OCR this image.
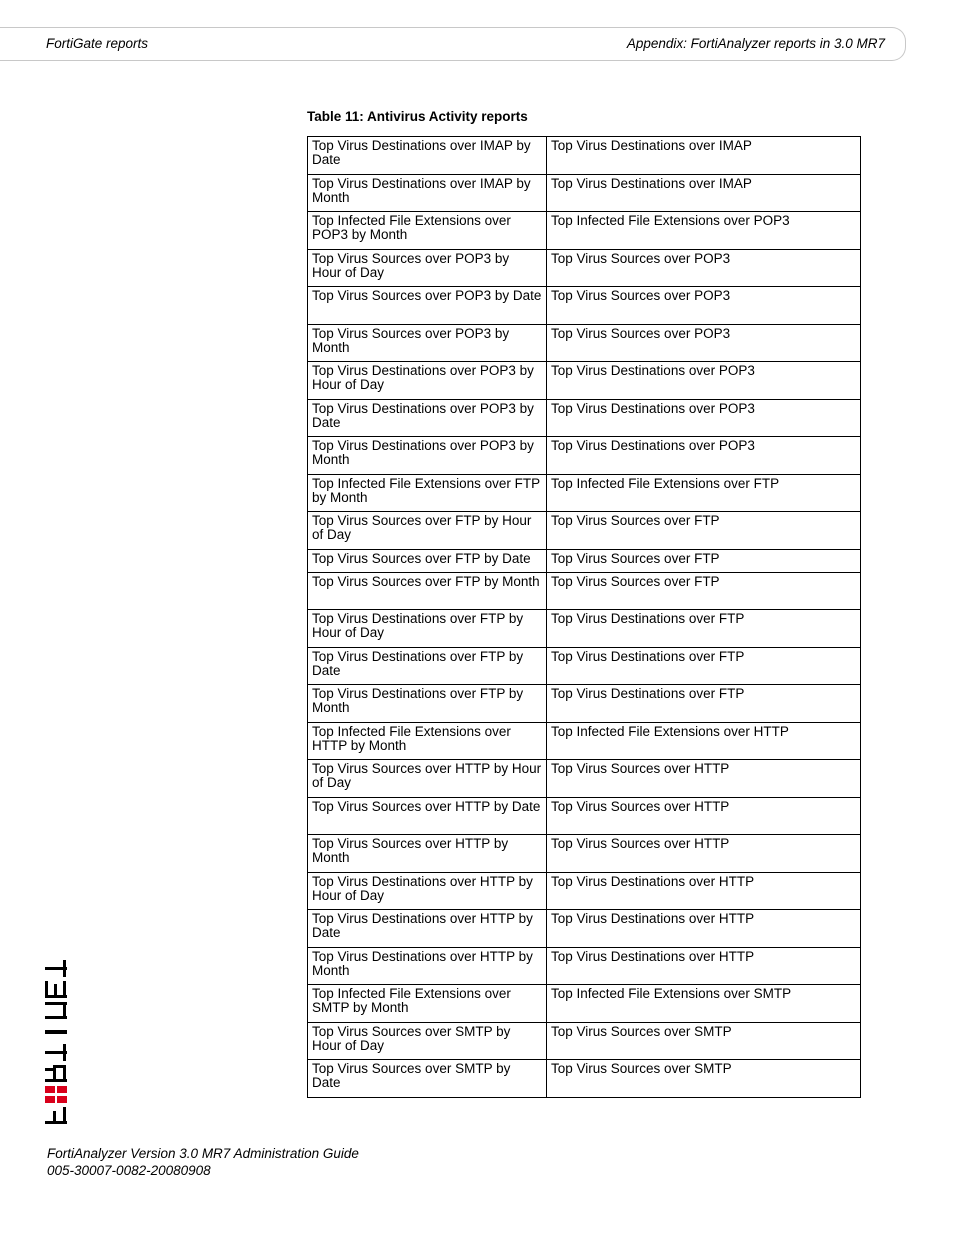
FortiGate reports	Appendix: FortiAnalyzer reports in 3.0 MR7
Table 11: Antivirus Activity reports
Top Virus Destinations over IMAP by Date	Top Virus Destinations over IMAP
Top Virus Destinations over IMAP by Month	Top Virus Destinations over IMAP
Top Infected File Extensions over POP3 by Month	Top Infected File Extensions over POP3
Top Virus Sources over POP3 by Hour of Day	Top Virus Sources over POP3
Top Virus Sources over POP3 by Date	Top Virus Sources over POP3
Top Virus Sources over POP3 by Month	Top Virus Sources over POP3
Top Virus Destinations over POP3 by Hour of Day	Top Virus Destinations over POP3
Top Virus Destinations over POP3 by Date	Top Virus Destinations over POP3
Top Virus Destinations over POP3 by Month	Top Virus Destinations over POP3
Top Infected File Extensions over FTP by Month	Top Infected File Extensions over FTP
Top Virus Sources over FTP by Hour of Day	Top Virus Sources over FTP
Top Virus Sources over FTP by Date	Top Virus Sources over FTP
Top Virus Sources over FTP by Month	Top Virus Sources over FTP
Top Virus Destinations over FTP by Hour of Day	Top Virus Destinations over FTP
Top Virus Destinations over FTP by Date	Top Virus Destinations over FTP
Top Virus Destinations over FTP by Month	Top Virus Destinations over FTP
Top Infected File Extensions over HTTP by Month	Top Infected File Extensions over HTTP
Top Virus Sources over HTTP by Hour of Day	Top Virus Sources over HTTP
Top Virus Sources over HTTP by Date	Top Virus Sources over HTTP
Top Virus Sources over HTTP by Month	Top Virus Sources over HTTP
Top Virus Destinations over HTTP by Hour of Day	Top Virus Destinations over HTTP
Top Virus Destinations over HTTP by Date	Top Virus Destinations over HTTP
Top Virus Destinations over HTTP by Month	Top Virus Destinations over HTTP
Top Infected File Extensions over SMTP by Month	Top Infected File Extensions over SMTP
Top Virus Sources over SMTP by Hour of Day	Top Virus Sources over SMTP
Top Virus Sources over SMTP by Date	Top Virus Sources over SMTP
FortiAnalyzer Version 3.0 MR7 Administration Guide
005-30007-0082-20080908
